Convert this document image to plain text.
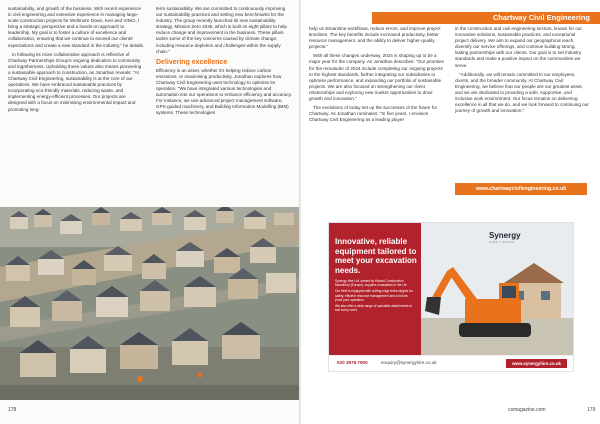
sustainability, and growth of the business. With recent experience in civil engineering and extensive experience in managing large-scale construction projects for Wellmore Down, Keir and VINCI, I bring a strategic perspective and a hands-on approach to leadership. My goal is to foster a culture of excellence and collaboration, ensuring that we continue to exceed our clients' expectations and create a new standard in the industry," he details.

In following its more collaborative approach is reflective of Chartway Partnerships Group's ongoing dedication to community and togetherness. Upholding these values also means pioneering a sustainable approach to construction, as Jonathan reveals: "At Chartway Civil Engineering, sustainability is at the core of our operations. We have embraced sustainable practices by incorporating eco-friendly materials, reducing waste, and implementing energy-efficient processes. Our projects are designed with a focus on minimising environmental impact and promoting long-

term sustainability. We are committed to continuously improving our sustainability practices and setting new benchmarks for the industry. The group recently launched its new sustainability strategy, Mission Zero 2035, which is built on eight pillars to help reduce change and improvement in the business. These pillars tackle some of the key concerns caused by climate change, including resource depletion and challenges within the supply chain."

Delivering excellence

Efficiency is an asset, whether it's helping reduce carbon emissions, or maximising productivity. Jonathan explores how Chartway Civil Engineering uses technology to optimise its operation. "We have integrated various technologies and automation into our operations to enhance efficiency and accuracy. For instance, we use advanced project management software, GPS-guided machinery, and Building Information Modelling (BIM) systems. These technologies

178

help us streamline workflows, reduce errors, and improve project timelines. The key benefits include increased productivity, better resource management, and the ability to deliver higher-quality projects."

With all these changes underway, 2024 is shaping up to be a major year for the company. As Jonathan describes: "Our priorities for the remainder of 2024 include completing our ongoing projects to the highest standards, further integrating our subsidiaries to optimise performance, and expanding our portfolio of sustainable projects. We are also focused on strengthening our client relationships and exploring new market opportunities to drive growth and innovation."

The evolutions of today set up the successes of the future for Chartway. As Jonathan ruminates: "In five years, I envision Chartway Civil Engineering as a leading player

in the construction and civil engineering sectors, known for our innovative solutions, sustainable practices, and exceptional project delivery. We aim to expand our geographical reach, diversify our service offerings, and continue building strong, lasting partnerships with our clients. Our goal is to set industry standards and make a positive impact on the communities we serve.

"Additionally, we will remain committed to our employees, clients, and the broader community. At Chartway Civil Engineering, we believe that our people are our greatest asset, and we are dedicated to providing a safe, supportive, and inclusive work environment. Our focus remains on delivering excellence in all that we do, and we look forward to continuing our journey of growth and innovation."

csmagazine.com	179
Chartway Civil Engineering
www.chartwaycivilengineering.co.uk
Innovative, reliable equipment tailored to meet your excavation needs.

Synergy Hire Ltd, owned by Hitachi Construction Machinery (Europe), supplies excavators in the UK.

Our fleet is equipped with cutting-edge technologies for safety, efficient resource management and to future-proof your operation.

We also offer a wide range of specialist attachments to suit every need.

Synergy
HIRE LIMITED
020 3978 7900	enquiry@synergyhire.co.uk	www.synergyhire.co.uk
